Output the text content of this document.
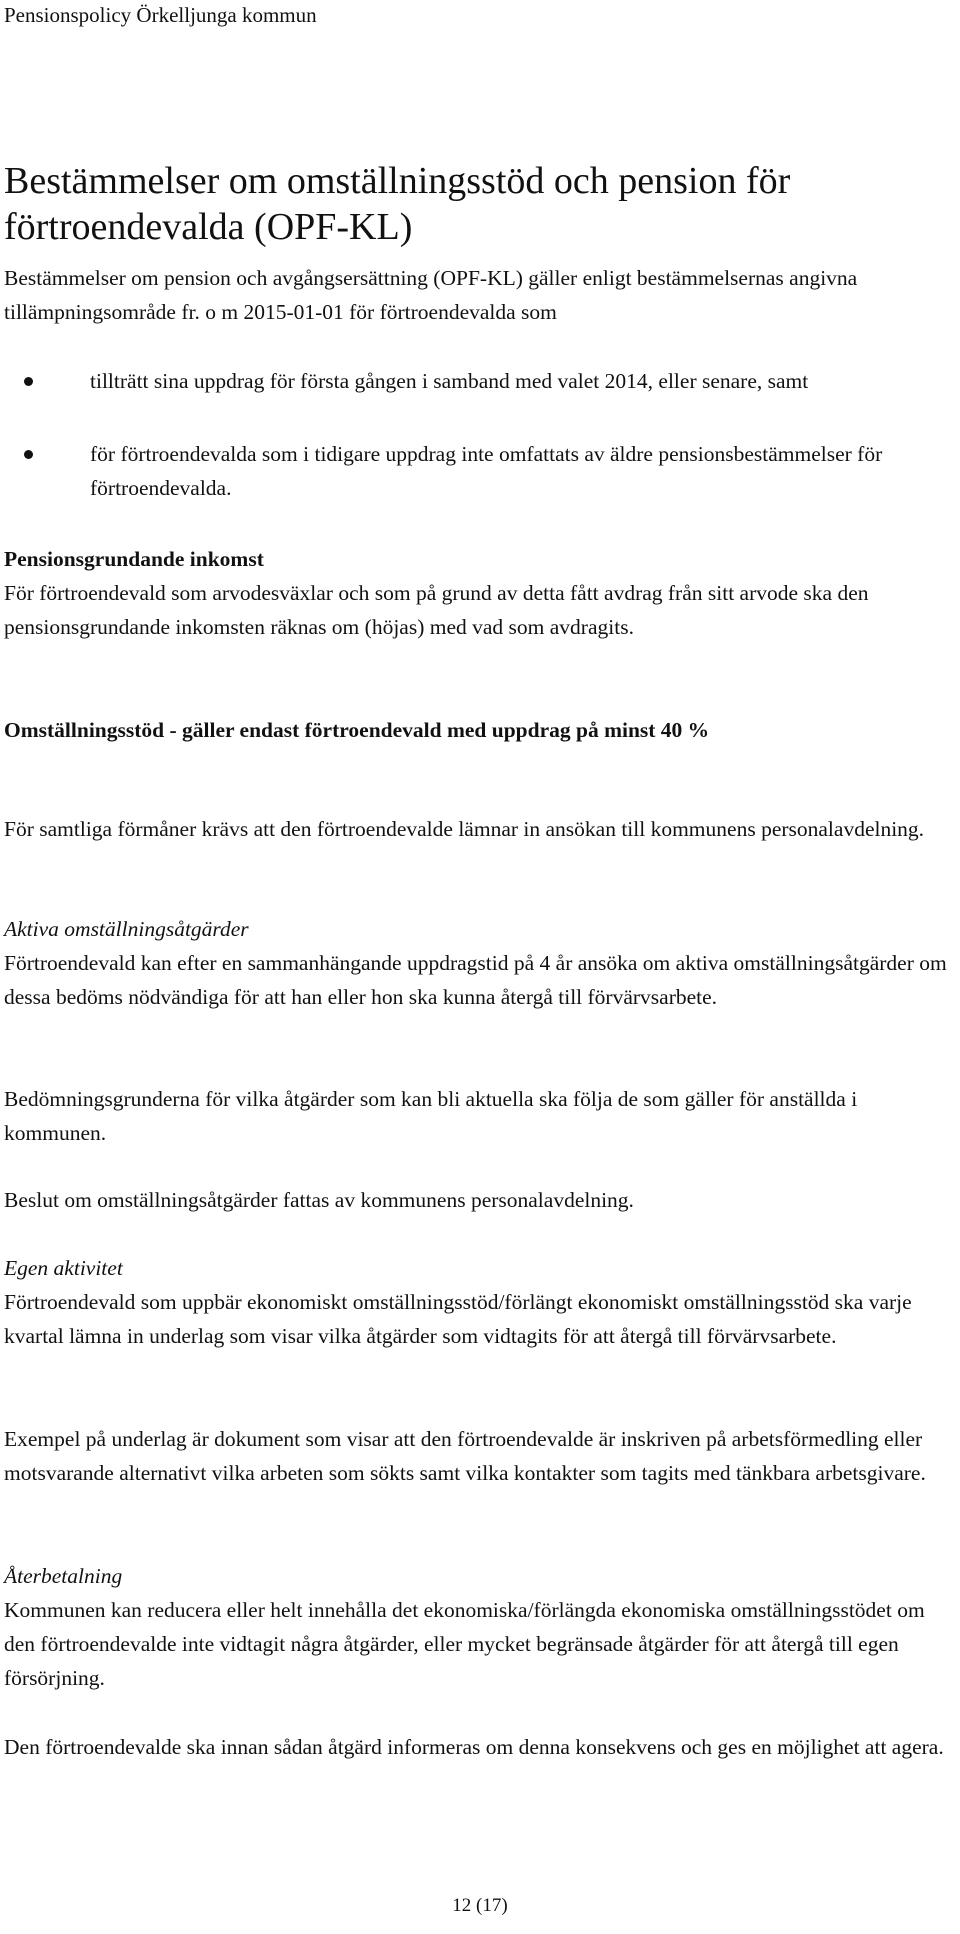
Pensionspolicy Örkelljunga kommun
Bestämmelser om omställningsstöd och pension för förtroendevalda (OPF-KL)
Bestämmelser om pension och avgångsersättning (OPF-KL) gäller enligt bestämmelsernas angivna tillämpningsområde fr. o m 2015-01-01 för förtroendevalda som
tillträtt sina uppdrag för första gången i samband med valet 2014, eller senare, samt
för förtroendevalda som i tidigare uppdrag inte omfattats av äldre pensionsbestämmelser för förtroendevalda.
Pensionsgrundande inkomst
För förtroendevald som arvodesväxlar och som på grund av detta fått avdrag från sitt arvode ska den pensionsgrundande inkomsten räknas om (höjas) med vad som avdragits.
Omställningsstöd - gäller endast förtroendevald med uppdrag på minst 40 %
För samtliga förmåner krävs att den förtroendevalde lämnar in ansökan till kommunens personalavdelning.
Aktiva omställningsåtgärder
Förtroendevald kan efter en sammanhängande uppdragstid på 4 år ansöka om aktiva omställningsåtgärder om dessa bedöms nödvändiga för att han eller hon ska kunna återgå till förvärvsarbete.
Bedömningsgrunderna för vilka åtgärder som kan bli aktuella ska följa de som gäller för anställda i kommunen.
Beslut om omställningsåtgärder fattas av kommunens personalavdelning.
Egen aktivitet
Förtroendevald som uppbär ekonomiskt omställningsstöd/förlängt ekonomiskt omställningsstöd ska varje kvartal lämna in underlag som visar vilka åtgärder som vidtagits för att återgå till förvärvsarbete.
Exempel på underlag är dokument som visar att den förtroendevalde är inskriven på arbetsförmedling eller motsvarande alternativt vilka arbeten som sökts samt vilka kontakter som tagits med tänkbara arbetsgivare.
Återbetalning
Kommunen kan reducera eller helt innehålla det ekonomiska/förlängda ekonomiska omställningsstödet om den förtroendevalde inte vidtagit några åtgärder, eller mycket begränsade åtgärder för att återgå till egen försörjning.
Den förtroendevalde ska innan sådan åtgärd informeras om denna konsekvens och ges en möjlighet att agera.
12 (17)
